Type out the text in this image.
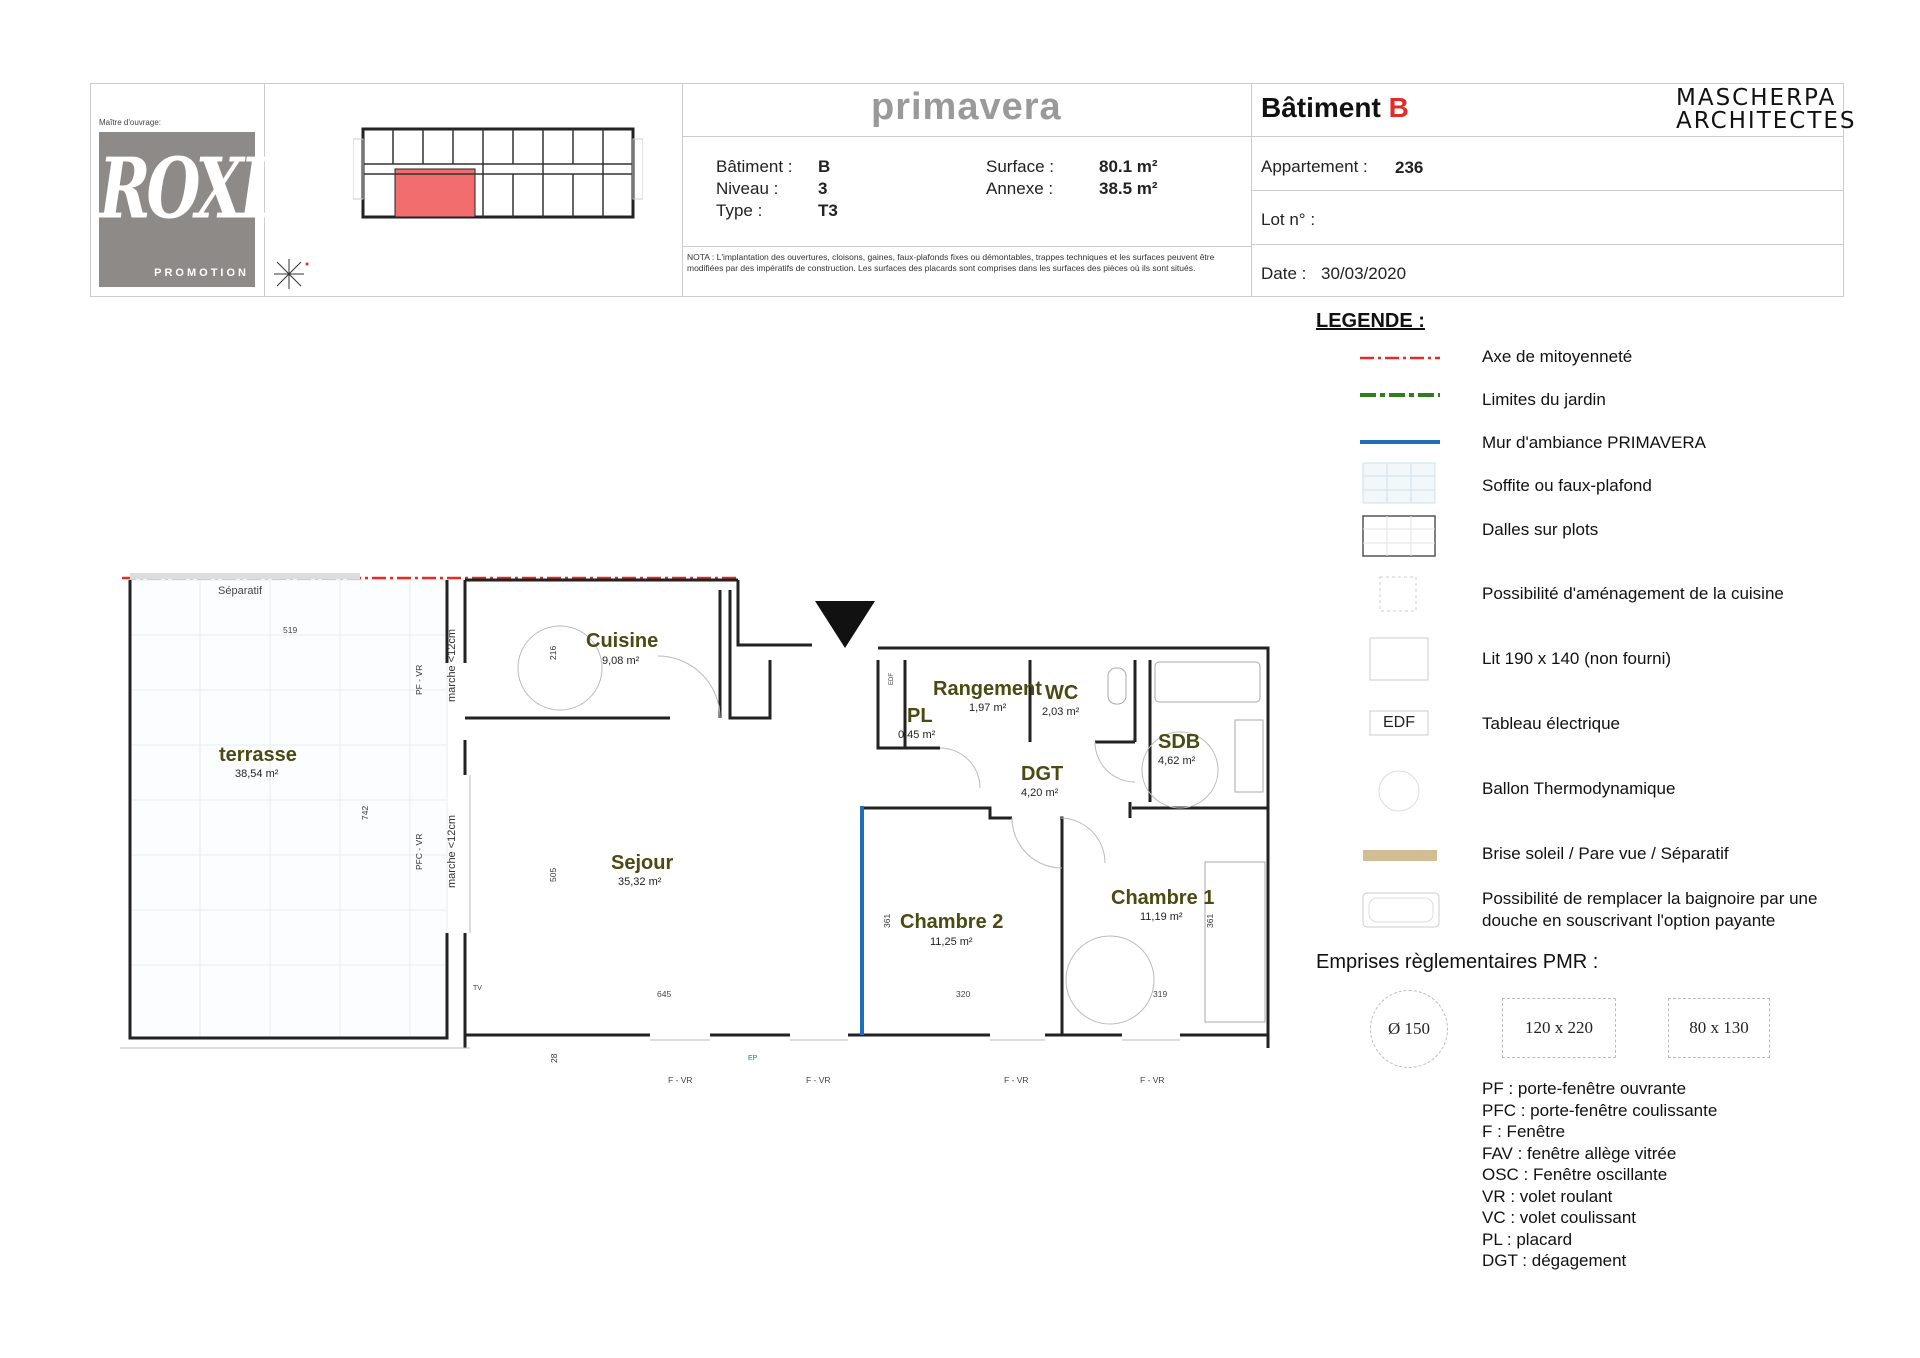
Maître d'ouvrage:
ROXIM
PROMOTION
primavera
Bâtiment : B
Niveau : 3
Type :	T3
Surface :	80.1 m²
Annexe :	38.5 m²
NOTA : L'implantation des ouvertures, cloisons, gaines, faux-plafonds fixes ou démontables, trappes techniques et les surfaces peuvent être modifiées par des impératifs de construction. Les surfaces des placards sont comprises dans les surfaces des pièces où ils sont situés.
Bâtiment B	MASCHERPA
ARCHITECTES
Appartement : 236
Lot n° :
Date : 30/03/2020
LEGENDE :
EDF
Axe de mitoyenneté
Limites du jardin
Mur d'ambiance PRIMAVERA
Soffite ou faux-plafond
Dalles sur plots
Possibilité d'aménagement de la cuisine
Lit 190 x 140 (non fourni)
Tableau électrique
Ballon Thermodynamique
Brise soleil / Pare vue / Séparatif
Possibilité de remplacer la baignoire par une douche en souscrivant l'option payante
Emprises règlementaires PMR :
Ø 150	120 x 220	80 x 130
PF : porte-fenêtre ouvrante
PFC : porte-fenêtre coulissante
F : Fenêtre
FAV : fenêtre allège vitrée
OSC : Fenêtre oscillante
VR : volet roulant
VC : volet coulissant
PL : placard
DGT : dégagement
Séparatif
519
742
216
505
361	361
28
645	320	319
PF - VR
PFC - VR
marche <12cm
marche <12cm
TV
EP
EDF
F - VR	F - VR	F - VR	F - VR
terrasse
38,54 m²
Cuisine
9,08 m²
Sejour
35,32 m²
Rangement
1,97 m²
WC
2,03 m²
PL
0,45 m²	SDB
4,62 m²
DGT
4,20 m²
Chambre 2
11,25 m²
Chambre 1
11,19 m²
